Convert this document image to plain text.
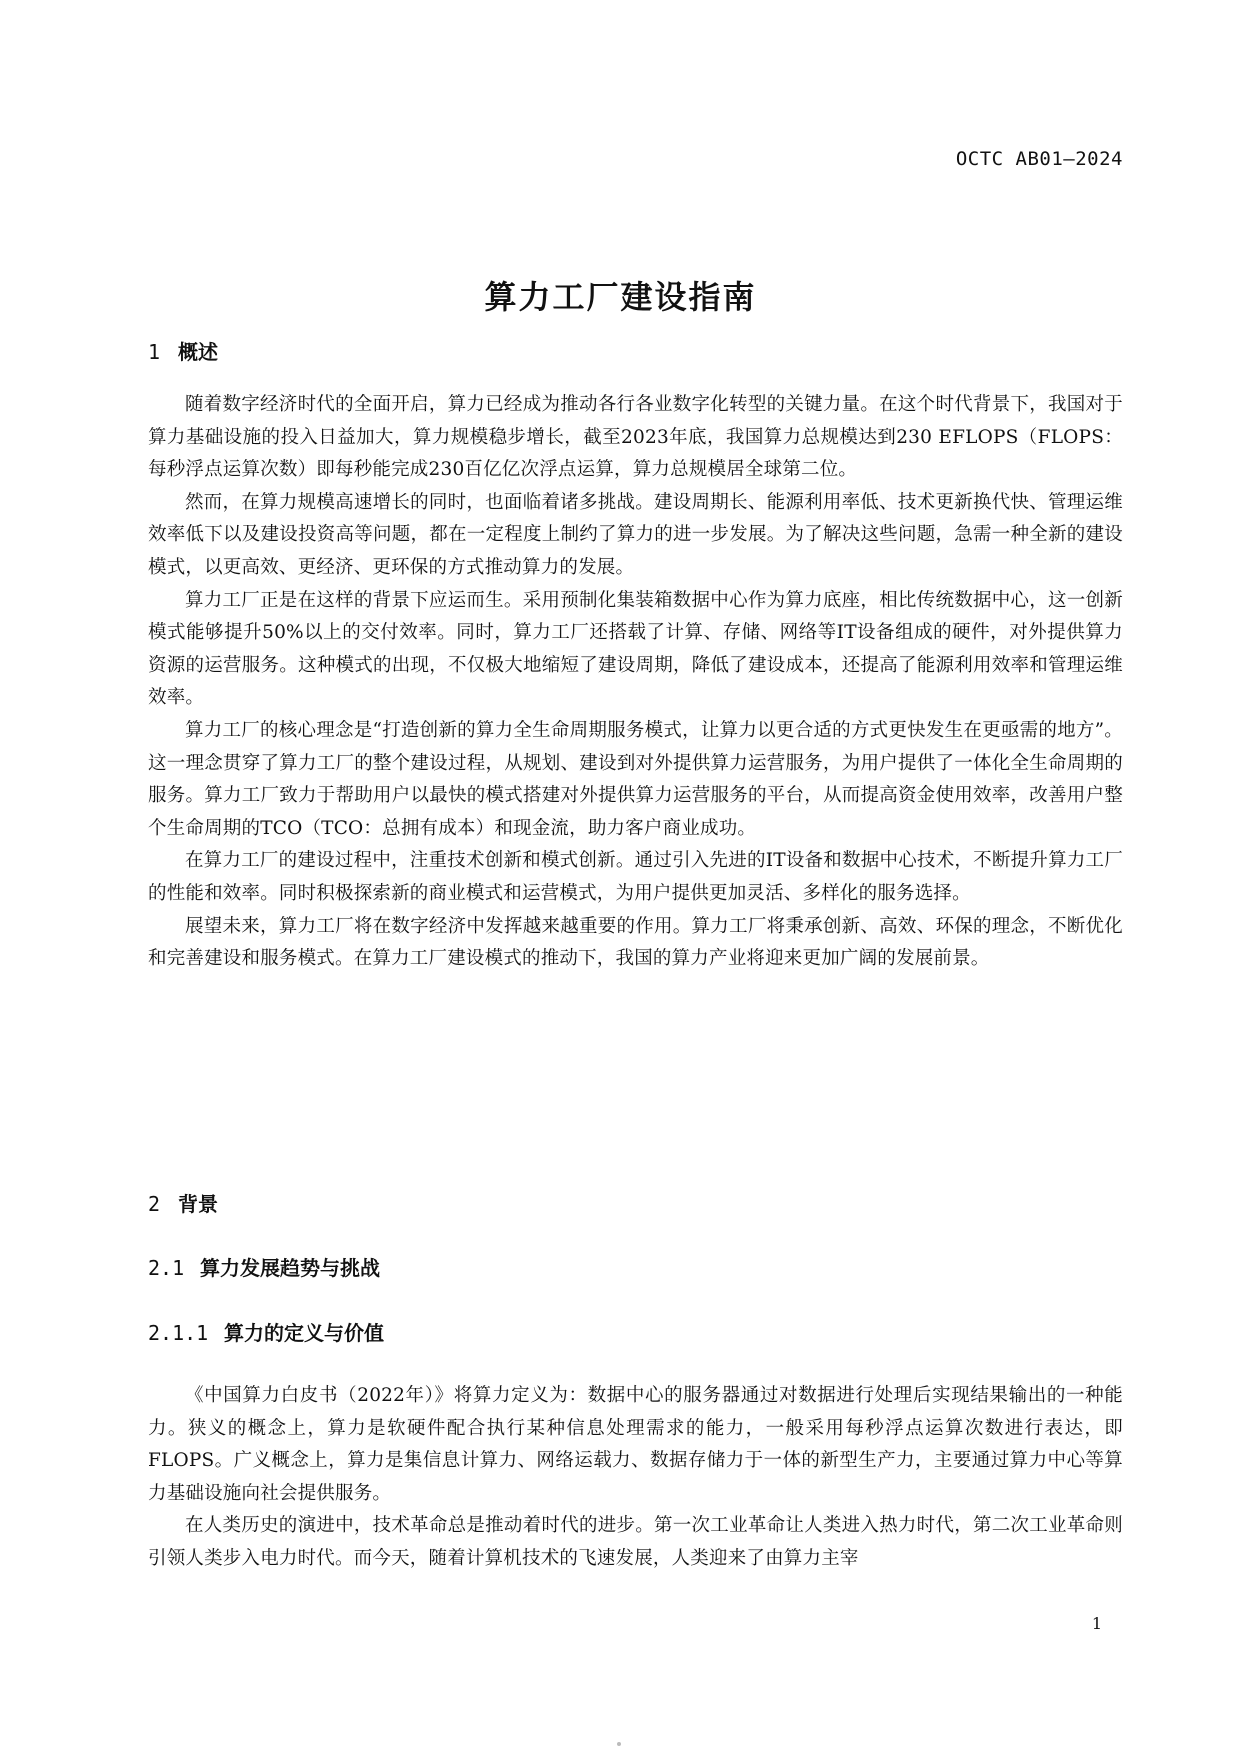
OCTC AB01—2024
算力工厂建设指南
1 概述

随着数字经济时代的全面开启，算力已经成为推动各行各业数字化转型的关键力量。在这个时代背景下，我国对于算力基础设施的投入日益加大，算力规模稳步增长，截至2023年底，我国算力总规模达到230 EFLOPS（FLOPS：每秒浮点运算次数）即每秒能完成230百亿亿次浮点运算，算力总规模居全球第二位。

然而，在算力规模高速增长的同时，也面临着诸多挑战。建设周期长、能源利用率低、技术更新换代快、管理运维效率低下以及建设投资高等问题，都在一定程度上制约了算力的进一步发展。为了解决这些问题，急需一种全新的建设模式，以更高效、更经济、更环保的方式推动算力的发展。

算力工厂正是在这样的背景下应运而生。采用预制化集装箱数据中心作为算力底座，相比传统数据中心，这一创新模式能够提升50%以上的交付效率。同时，算力工厂还搭载了计算、存储、网络等IT设备组成的硬件，对外提供算力资源的运营服务。这种模式的出现，不仅极大地缩短了建设周期，降低了建设成本，还提高了能源利用效率和管理运维效率。

算力工厂的核心理念是“打造创新的算力全生命周期服务模式，让算力以更合适的方式更快发生在更亟需的地方”。这一理念贯穿了算力工厂的整个建设过程，从规划、建设到对外提供算力运营服务，为用户提供了一体化全生命周期的服务。算力工厂致力于帮助用户以最快的模式搭建对外提供算力运营服务的平台，从而提高资金使用效率，改善用户整个生命周期的TCO（TCO：总拥有成本）和现金流，助力客户商业成功。

在算力工厂的建设过程中，注重技术创新和模式创新。通过引入先进的IT设备和数据中心技术，不断提升算力工厂的性能和效率。同时积极探索新的商业模式和运营模式，为用户提供更加灵活、多样化的服务选择。

展望未来，算力工厂将在数字经济中发挥越来越重要的作用。算力工厂将秉承创新、高效、环保的理念，不断优化和完善建设和服务模式。在算力工厂建设模式的推动下，我国的算力产业将迎来更加广阔的发展前景。

2 背景
2.1 算力发展趋势与挑战
2.1.1 算力的定义与价值

《中国算力白皮书（2022年）》将算力定义为：数据中心的服务器通过对数据进行处理后实现结果输出的一种能力。狭义的概念上，算力是软硬件配合执行某种信息处理需求的能力，一般采用每秒浮点运算次数进行表达，即FLOPS。广义概念上，算力是集信息计算力、网络运载力、数据存储力于一体的新型生产力，主要通过算力中心等算力基础设施向社会提供服务。

在人类历史的演进中，技术革命总是推动着时代的进步。第一次工业革命让人类进入热力时代，第二次工业革命则引领人类步入电力时代。而今天，随着计算机技术的飞速发展，人类迎来了由算力主宰

1
